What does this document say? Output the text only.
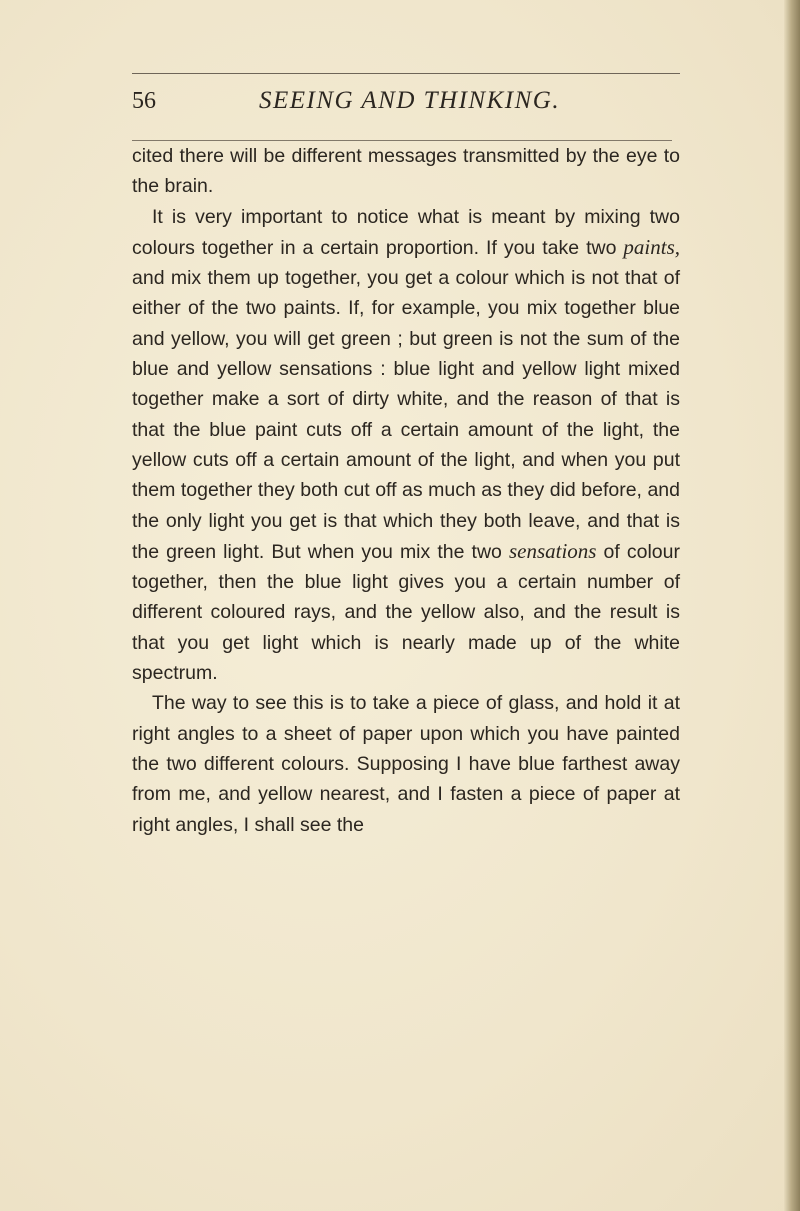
56	SEEING AND THINKING.

cited there will be different messages transmitted by the eye to the brain.

It is very important to notice what is meant by mixing two colours together in a certain proportion. If you take two paints, and mix them up together, you get a colour which is not that of either of the two paints. If, for example, you mix together blue and yellow, you will get green ; but green is not the sum of the blue and yellow sensations : blue light and yellow light mixed together make a sort of dirty white, and the reason of that is that the blue paint cuts off a certain amount of the light, the yellow cuts off a certain amount of the light, and when you put them together they both cut off as much as they did before, and the only light you get is that which they both leave, and that is the green light. But when you mix the two sensations of colour together, then the blue light gives you a certain number of different coloured rays, and the yellow also, and the result is that you get light which is nearly made up of the white spectrum.

The way to see this is to take a piece of glass, and hold it at right angles to a sheet of paper upon which you have painted the two different colours. Supposing I have blue farthest away from me, and yellow nearest, and I fasten a piece of paper at right angles, I shall see the
